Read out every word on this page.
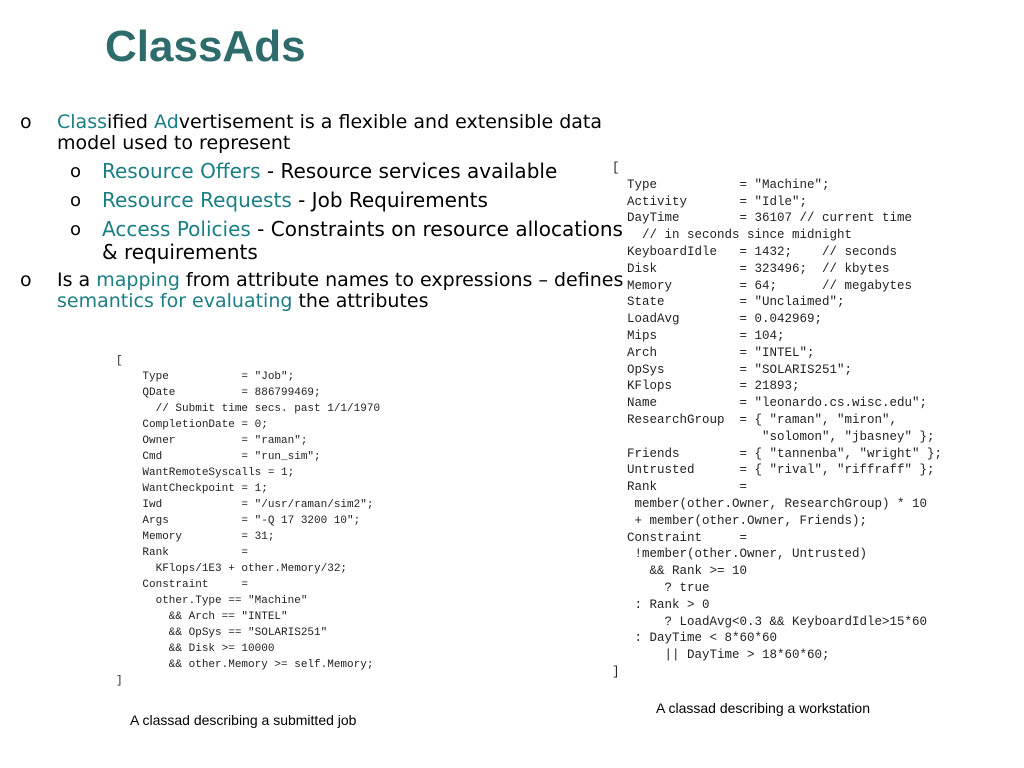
ClassAds
o Classified Advertisement is a flexible and extensible data model used to represent
o Resource Offers - Resource services available
o Resource Requests - Job Requirements
o Access Policies - Constraints on resource allocations & requirements
o Is a mapping from attribute names to expressions – defines semantics for evaluating the attributes
[
Type           = "Job";
QDate          = 886799469;
// Submit time secs. past 1/1/1970
CompletionDate = 0;
Owner          = "raman";
Cmd            = "run_sim";
WantRemoteSyscalls = 1;
WantCheckpoint = 1;
Iwd            = "/usr/raman/sim2";
Args           = "-Q 17 3200 10";
Memory         = 31;
Rank           =
KFlops/1E3 + other.Memory/32;
Constraint     =
other.Type == "Machine"
&& Arch == "INTEL"
&& OpSys == "SOLARIS251"
&& Disk >= 10000
&& other.Memory >= self.Memory;
]
[
Type           = "Machine";
Activity       = "Idle";
DayTime        = 36107 // current time
// in seconds since midnight
KeyboardIdle   = 1432;    // seconds
Disk           = 323496;  // kbytes
Memory         = 64;      // megabytes
State          = "Unclaimed";
LoadAvg        = 0.042969;
Mips           = 104;
Arch           = "INTEL";
OpSys          = "SOLARIS251";
KFlops         = 21893;
Name           = "leonardo.cs.wisc.edu";
ResearchGroup  = { "raman", "miron",
"solomon", "jbasney" };
Friends        = { "tannenba", "wright" };
Untrusted      = { "rival", "riffraff" };
Rank           =
member(other.Owner, ResearchGroup) * 10
+ member(other.Owner, Friends);
Constraint     =
!member(other.Owner, Untrusted)
&& Rank >= 10
? true
: Rank > 0
? LoadAvg<0.3 && KeyboardIdle>15*60
: DayTime < 8*60*60
|| DayTime > 18*60*60;
]

A classad describing a submitted job

A classad describing a workstation
